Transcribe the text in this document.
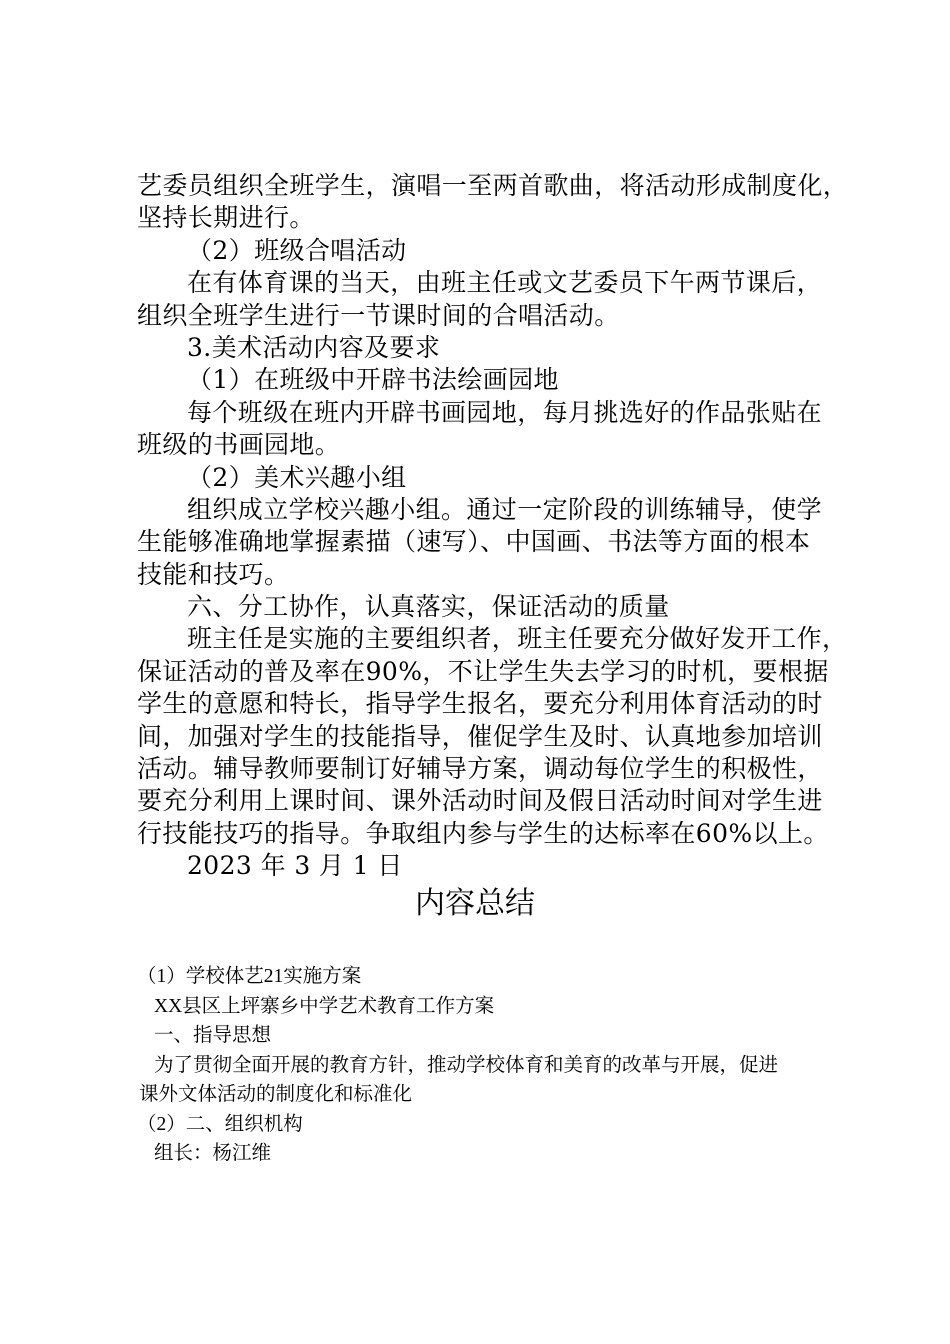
艺委员组织全班学生，演唱一至两首歌曲，将活动形成制度化，
坚持长期进行。
（2）班级合唱活动
在有体育课的当天，由班主任或文艺委员下午两节课后，
组织全班学生进行一节课时间的合唱活动。
3.美术活动内容及要求
（1）在班级中开辟书法绘画园地
每个班级在班内开辟书画园地，每月挑选好的作品张贴在
班级的书画园地。
（2）美术兴趣小组
组织成立学校兴趣小组。通过一定阶段的训练辅导，使学
生能够准确地掌握素描（速写）、中国画、书法等方面的根本
技能和技巧。
六、分工协作，认真落实，保证活动的质量
班主任是实施的主要组织者，班主任要充分做好发开工作，
保证活动的普及率在90%，不让学生失去学习的时机，要根据
学生的意愿和特长，指导学生报名，要充分利用体育活动的时
间，加强对学生的技能指导，催促学生及时、认真地参加培训
活动。辅导教师要制订好辅导方案，调动每位学生的积极性，
要充分利用上课时间、课外活动时间及假日活动时间对学生进
行技能技巧的指导。争取组内参与学生的达标率在60%以上。
2023 年 3 月 1 日
内容总结
（1）学校体艺21实施方案
XX县区上坪寨乡中学艺术教育工作方案
一、指导思想
为了贯彻全面开展的教育方针，推动学校体育和美育的改革与开展，促进
课外文体活动的制度化和标准化
（2）二、组织机构
组长：杨江维
